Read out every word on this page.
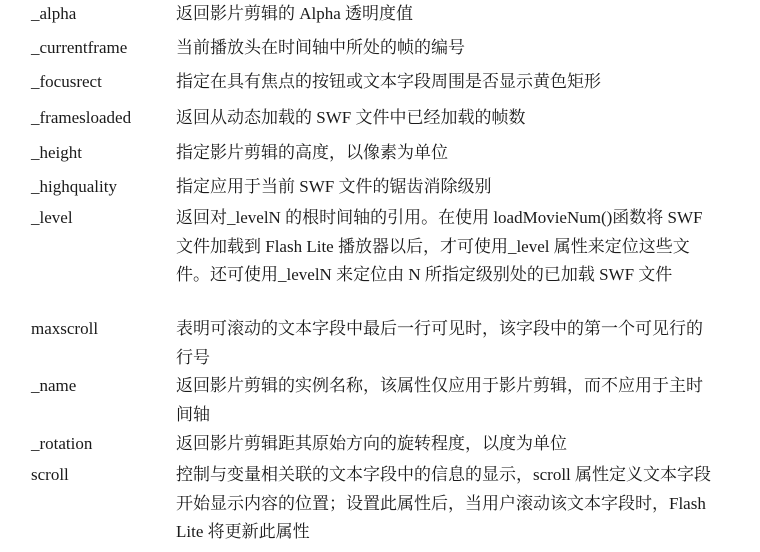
_alpha	返回影片剪辑的 Alpha 透明度值
_currentframe	当前播放头在时间轴中所处的帧的编号
_focusrect	指定在具有焦点的按钮或文本字段周围是否显示黄色矩形
_framesloaded	返回从动态加载的 SWF 文件中已经加载的帧数
_height	指定影片剪辑的高度，以像素为单位
_highquality	指定应用于当前 SWF 文件的锯齿消除级别
_level	返回对_levelN 的根时间轴的引用。在使用 loadMovieNum()函数将 SWF 文件加载到 Flash Lite 播放器以后，才可使用_level 属性来定位这些文件。还可使用_levelN 来定位由 N 所指定级别处的已加载 SWF 文件
maxscroll	表明可滚动的文本字段中最后一行可见时，该字段中的第一个可见行的行号
_name	返回影片剪辑的实例名称，该属性仅应用于影片剪辑，而不应用于主时间轴
_rotation	返回影片剪辑距其原始方向的旋转程度，以度为单位
scroll	控制与变量相关联的文本字段中的信息的显示，scroll 属性定义文本字段开始显示内容的位置；设置此属性后，当用户滚动该文本字段时，Flash Lite 将更新此属性
